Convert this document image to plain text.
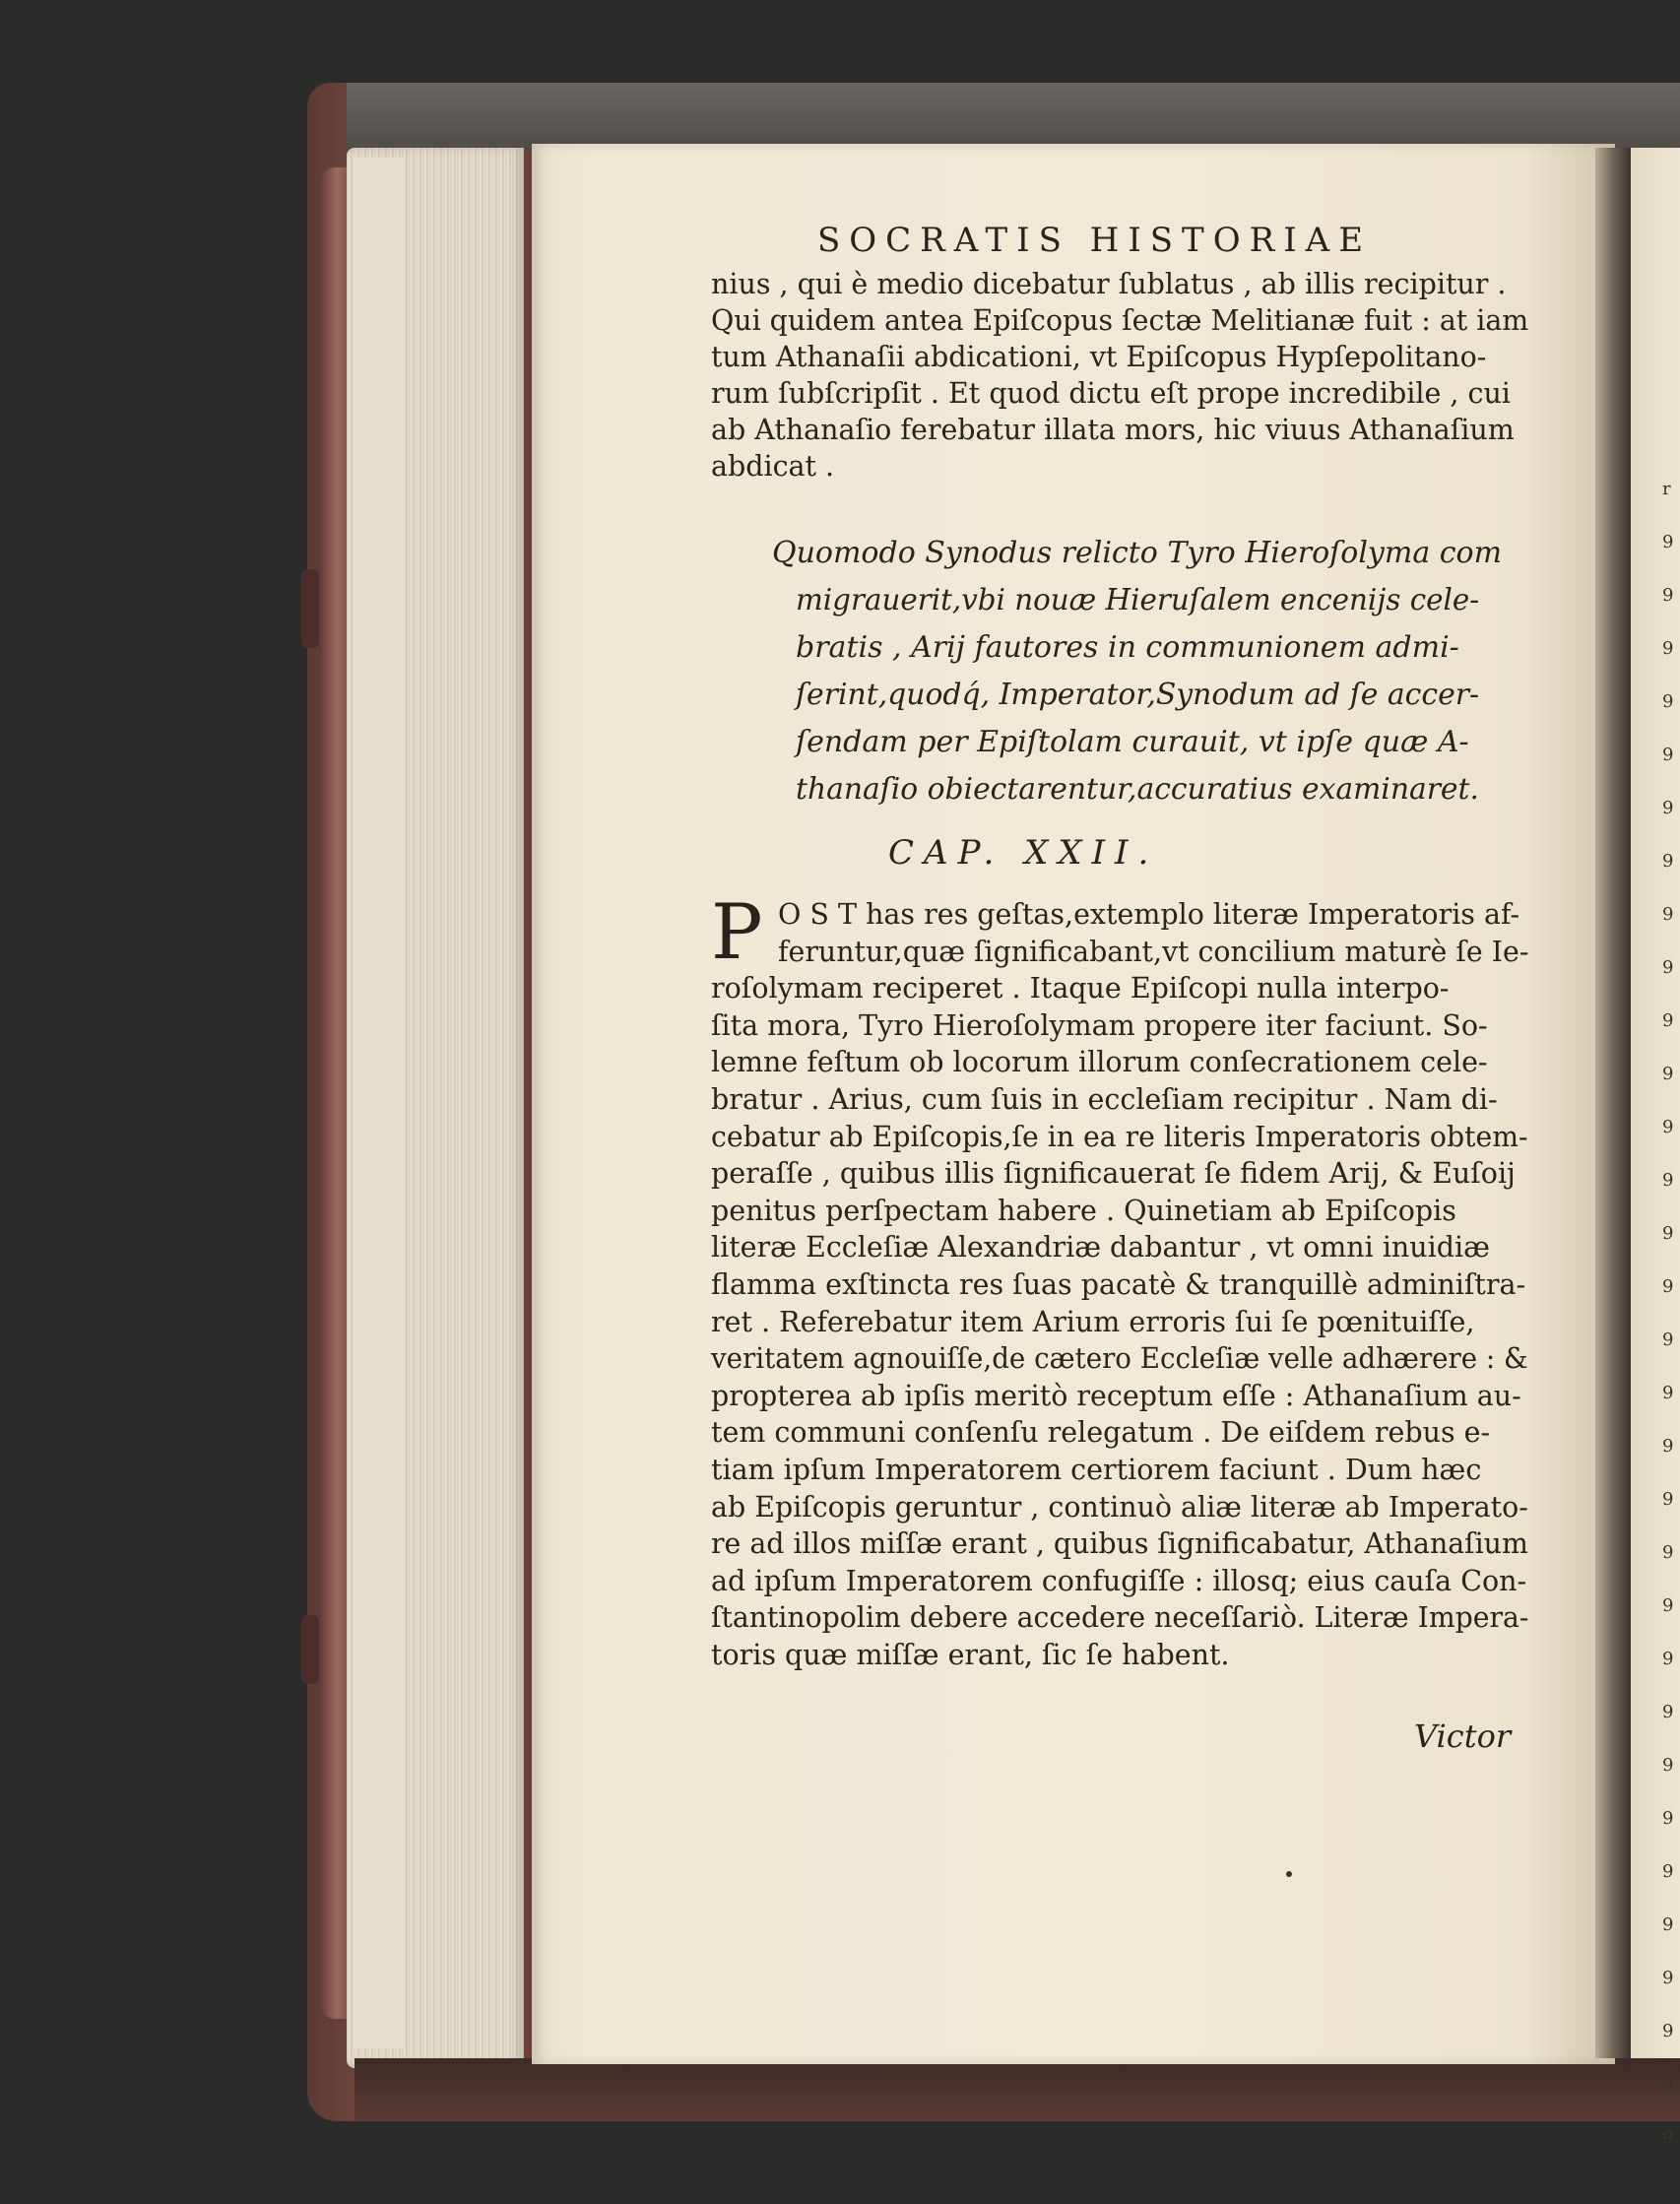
r
9
9
9
9
9
9
9
9
9
9
9
9
9
9
9
9
9
9
9
9
9
9
9
9
9
9
9
9
9
9
9
SOCRATIS HISTORIAE
nius , qui è medio dicebatur ſublatus , ab illis recipitur .
Qui quidem antea Epiſcopus ſectæ Melitianæ fuit : at iam
tum Athanaſii abdicationi, vt Epiſcopus Hypſepolitano-
rum ſubſcripſit . Et quod dictu eſt prope incredibile , cui
ab Athanaſio ferebatur illata mors, hic viuus Athanaſium
abdicat .
Quomodo Synodus relicto Tyro Hieroſolyma com
migrauerit,vbi nouæ Hieruſalem encenijs cele-
bratis , Arij fautores in communionem admi-
ſerint,quodq́, Imperator,Synodum ad ſe accer-
ſendam per Epiſtolam curauit, vt ipſe quæ A-
thanaſio obiectarentur,accuratius examinaret.
CAP. XXII.
P O S T has res geſtas,extemplo literæ Imperatoris af-
feruntur,quæ ſignificabant,vt concilium maturè ſe Ie-
roſolymam reciperet . Itaque Epiſcopi nulla interpo-
ſita mora, Tyro Hieroſolymam propere iter faciunt. So-
lemne feſtum ob locorum illorum conſecrationem cele-
bratur . Arius, cum ſuis in eccleſiam recipitur . Nam di-
cebatur ab Epiſcopis,ſe in ea re literis Imperatoris obtem-
peraſſe , quibus illis ſignificauerat ſe fidem Arij, & Euſoij
penitus perſpectam habere . Quinetiam ab Epiſcopis
literæ Eccleſiæ Alexandriæ dabantur , vt omni inuidiæ
flamma exſtincta res ſuas pacatè & tranquillè adminiſtra-
ret . Referebatur item Arium erroris ſui ſe pœnituiſſe,
veritatem agnouiſſe,de cætero Eccleſiæ velle adhærere : &
propterea ab ipſis meritò receptum eſſe : Athanaſium au-
tem communi conſenſu relegatum . De eiſdem rebus e-
tiam ipſum Imperatorem certiorem faciunt . Dum hæc
ab Epiſcopis geruntur , continuò aliæ literæ ab Imperato-
re ad illos miſſæ erant , quibus ſignificabatur, Athanaſium
ad ipſum Imperatorem confugiſſe : illosq; eius cauſa Con-
ſtantinopolim debere accedere neceſſariò. Literæ Impera-
toris quæ miſſæ erant, ſic ſe habent.
Victor
